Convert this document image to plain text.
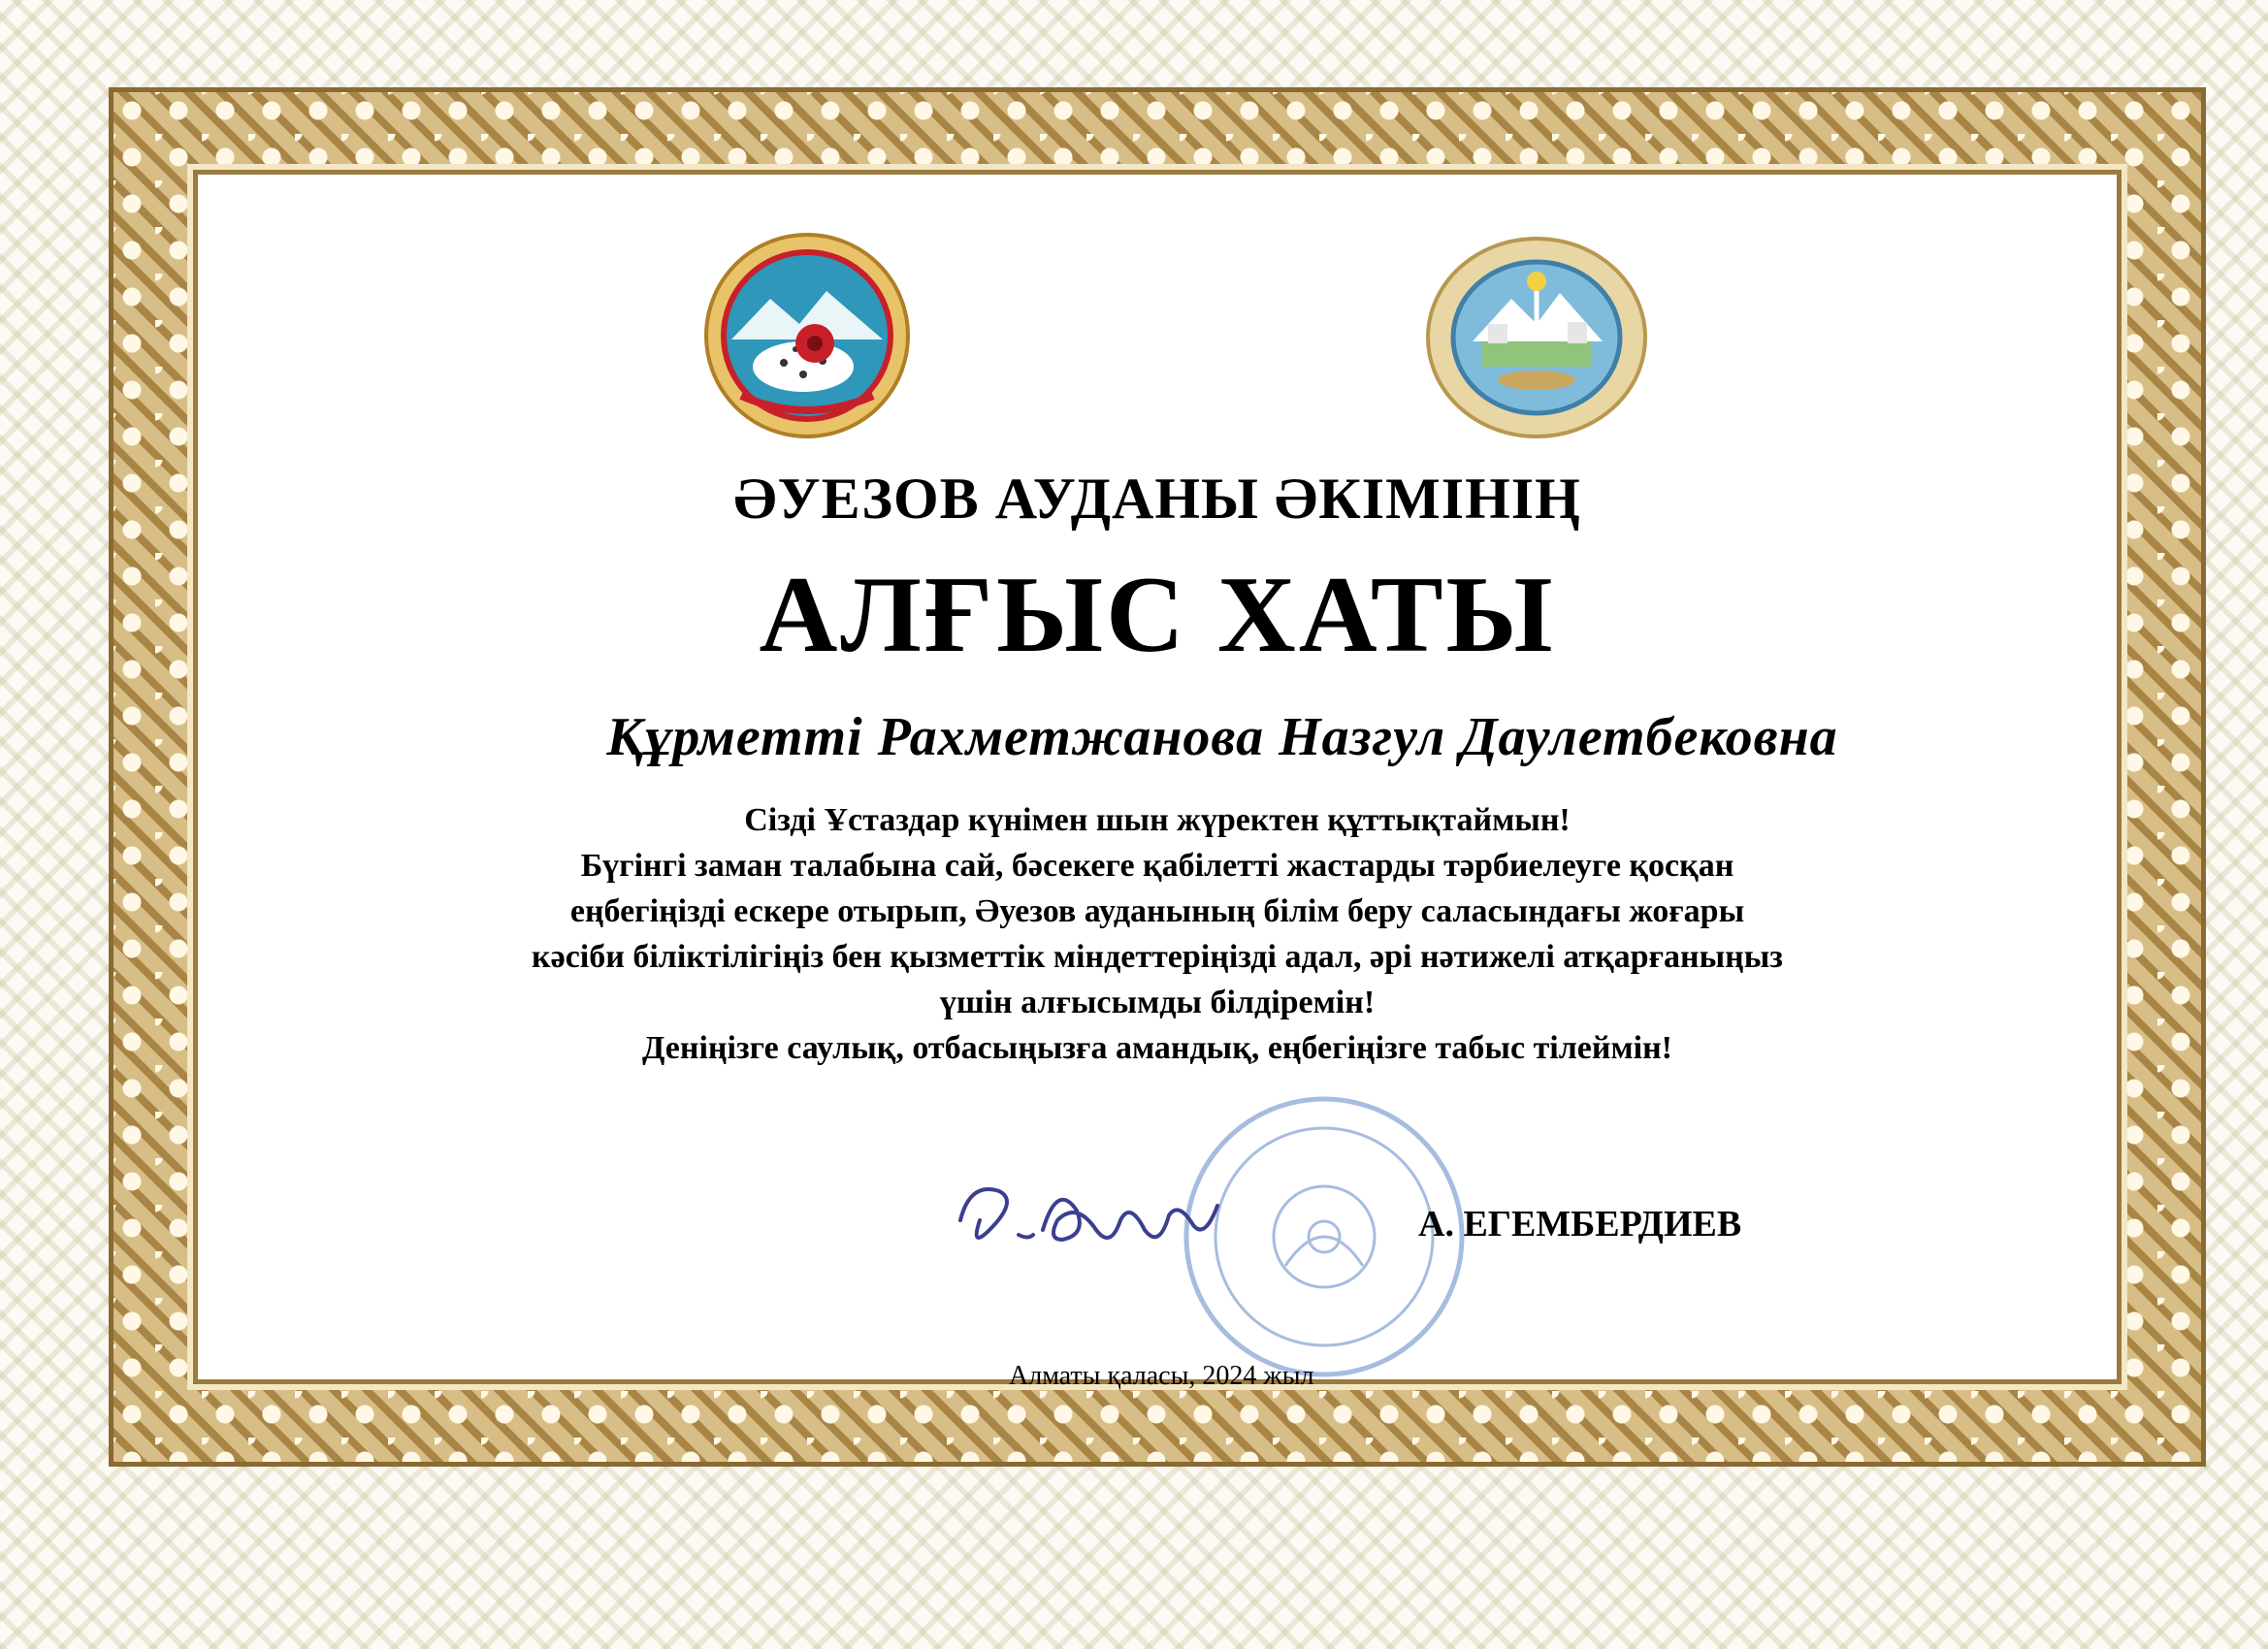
ӘУЕЗОВ АУДАНЫ ӘКІМІНІҢ
АЛҒЫС ХАТЫ
Құрметті Рахметжанова Назгул Даулетбековна
Сізді Ұстаздар күнімен шын жүректен құттықтаймын!
Бүгінгі заман талабына сай, бәсекеге қабілетті жастарды тәрбиелеуге қосқан
еңбегіңізді ескере отырып, Әуезов ауданының білім беру саласындағы жоғары
кәсіби біліктілігіңіз бен қызметтік міндеттеріңізді адал, әрі нәтижелі атқарғаныңыз
үшін алғысымды білдіремін!
Денiңізге саулық, отбасыңызға амандық, еңбегіңізге табыс тілеймін!
А. ЕГЕМБЕРДИЕВ
Алматы қаласы, 2024 жыл
